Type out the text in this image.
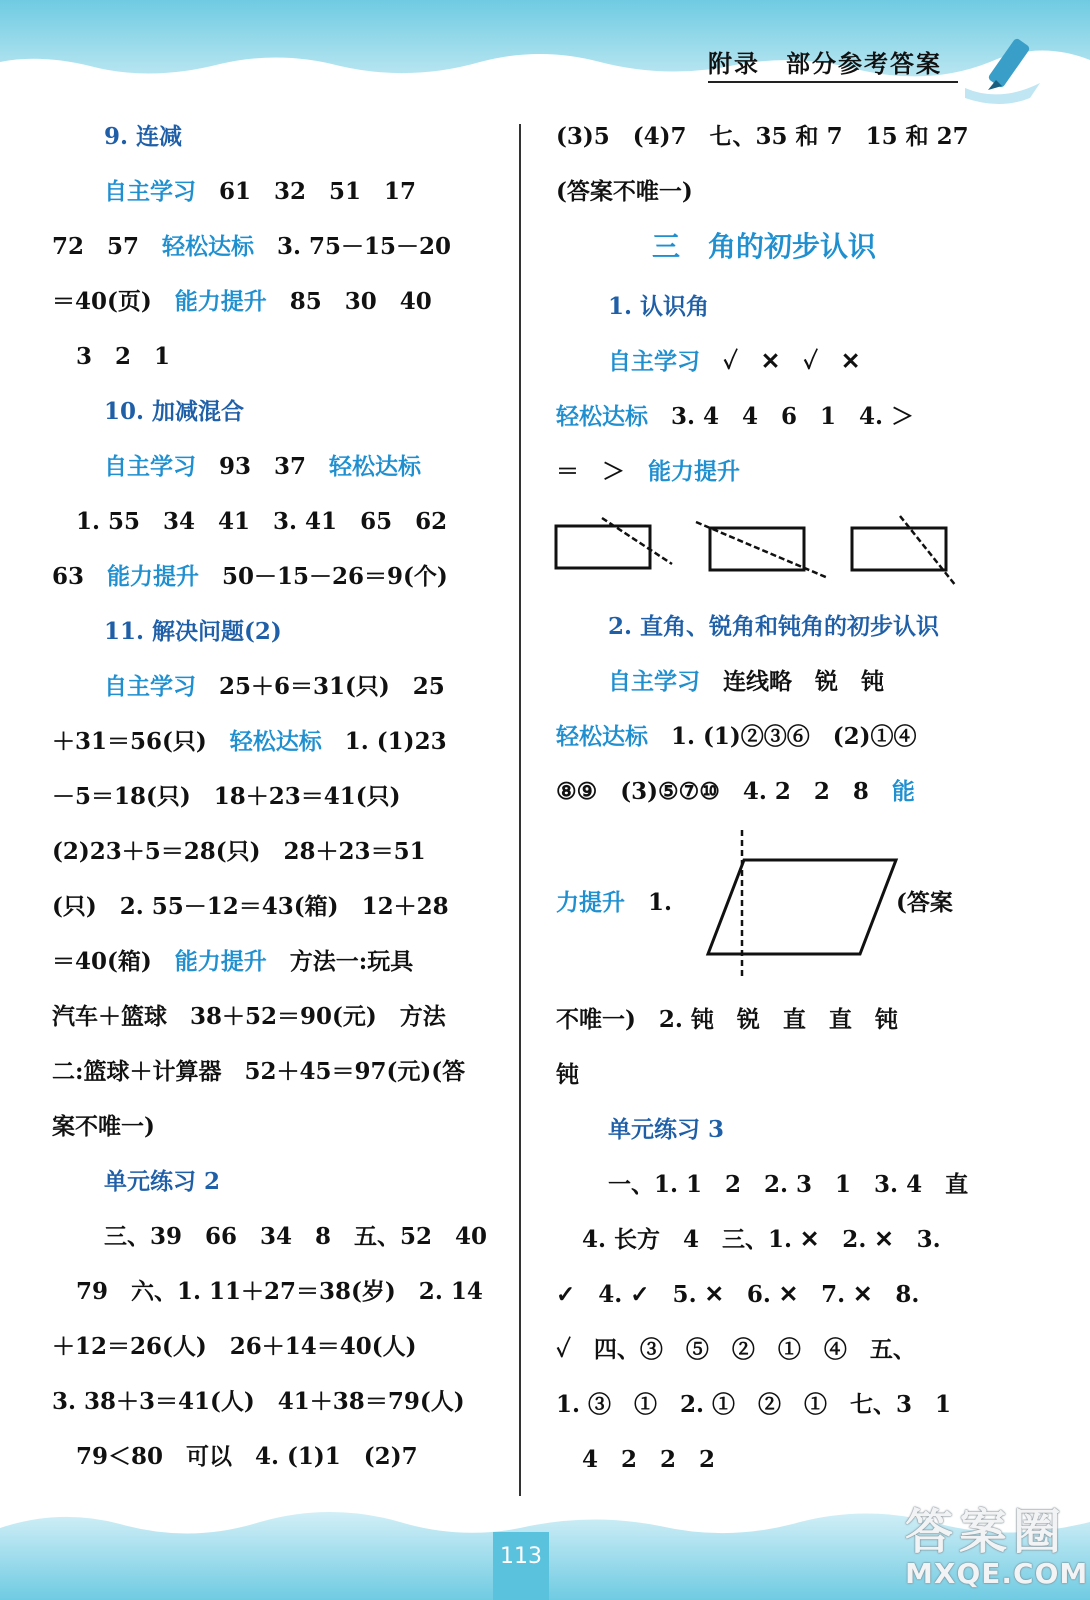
附录　部分参考答案
9. 连减
自主学习　 61　32　51　17
72　57　 轻松达标　 3. 75－15－20
＝40(页)　 能力提升　 85　30　40
3　2　1
10. 加减混合
自主学习　 93　37　 轻松达标
1. 55　34　41　3. 41　65　62
63　 能力提升　 50－15－26＝9(个)
11. 解决问题(2)
自主学习　 25＋6＝31(只)　25
＋31＝56(只)　 轻松达标　 1. (1)23
－5＝18(只)　18＋23＝41(只)
(2)23＋5＝28(只)　28＋23＝51
(只)　2. 55－12＝43(箱)　12＋28
＝40(箱)　 能力提升　 方法一:玩具
汽车＋篮球　38＋52＝90(元)　方法
二:篮球＋计算器　52＋45＝97(元)(答
案不唯一)
单元练习 2
三、39　66　34　8　五、52　40
79　六、1. 11＋27＝38(岁)　2. 14
＋12＝26(人)　26＋14＝40(人)
3. 38＋3＝41(人)　41＋38＝79(人)
79＜80　可以　4. (1)1　(2)7
(3)5　(4)7　七、35 和 7　15 和 27
(答案不唯一)
三　角的初步认识
1. 认识角
自主学习　 ✓　✕　✓　✕
轻松达标　 3. 4　4　6　1　4. ＞
＝　＞　 能力提升
2. 直角、锐角和钝角的初步认识
自主学习　 连线略　锐　钝
轻松达标　 1. (1)②③⑥　(2)①④
⑧⑨　(3)⑤⑦⑩　4. 2　2　8　 能
力提升　 1.	(答案
不唯一)　2. 钝　锐　直　直　钝
钝
单元练习 3
一、1. 1　2　2. 3　1　3. 4　直
4. 长方　4　三、1. ✕　2. ✕　3.
✓　4. ✓　5. ✕　6. ✕　7. ✕　8.
✓　四、③　⑤　②　①　④　五、
1. ③　①　2. ①　②　①　七、3　1
4　2　2　2
113	答案圈
MXQE.COM
